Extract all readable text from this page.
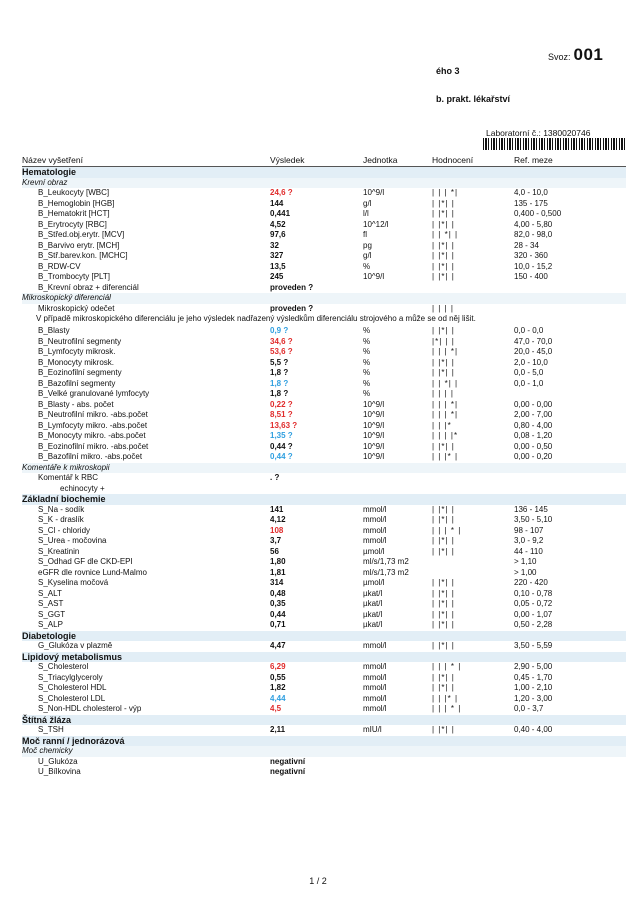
Svoz: 001
ého 3
b. prakt. lékařství
Laboratorní č.: 1380020746
Název vyšetření	Výsledek	Jednotka	Hodnocení	Ref. meze
Hematologie
Krevní obraz
B_Leukocyty [WBC]	24,6 ?	10^9/l	| | | *|	4,0 - 10,0
B_Hemoglobin [HGB]	144	g/l	| |*| |	135 - 175
B_Hematokrit [HCT]	0,441	l/l	| |*| |	0,400 - 0,500
B_Erytrocyty [RBC]	4,52	10^12/l	| |*| |	4,00 - 5,80
B_Střed.obj.erytr. [MCV]	97,6	fl	| | *| |	82,0 - 98,0
B_Barvivo erytr. [MCH]	32	pg	| |*| |	28 - 34
B_Stř.barev.kon. [MCHC]	327	g/l	| |*| |	320 - 360
B_RDW-CV	13,5	%	| |*| |	10,0 - 15,2
B_Trombocyty [PLT]	245	10^9/l	| |*| |	150 - 400
B_Krevní obraz + diferenciál	proveden ?
Mikroskopický diferenciál
Mikroskopický odečet	proveden ?	| | | |
V případě mikroskopického diferenciálu je jeho výsledek nadřazený výsledkům diferenciálu strojového a může se od něj lišit.
B_Blasty	0,9 ?	%	| |*| |	0,0 - 0,0
B_Neutrofilní segmenty	34,6 ?	%	|*| | |	47,0 - 70,0
B_Lymfocyty mikrosk.	53,6 ?	%	| | | *|	20,0 - 45,0
B_Monocyty mikrosk.	5,5 ?	%	| |*| |	2,0 - 10,0
B_Eozinofilní segmenty	1,8 ?	%	| |*| |	0,0 - 5,0
B_Bazofilní segmenty	1,8 ?	%	| | *| |	0,0 - 1,0
B_Velké granulované lymfocyty	1,8 ?	%	| | | |
B_Blasty - abs. počet	0,22 ?	10^9/l	| | | *|	0,00 - 0,00
B_Neutrofilní mikro. -abs.počet	8,51 ?	10^9/l	| | | *|	2,00 - 7,00
B_Lymfocyty mikro. -abs.počet	13,63 ?	10^9/l	| | |*	0,80 - 4,00
B_Monocyty mikro. -abs.počet	1,35 ?	10^9/l	| | | |*	0,08 - 1,20
B_Eozinofilní mikro. -abs.počet	0,44 ?	10^9/l	| |*| |	0,00 - 0,50
B_Bazofilní mikro. -abs.počet	0,44 ?	10^9/l	| | |* |	0,00 - 0,20
Komentáře k mikroskopii
Komentář k RBC	. ?
echinocyty +
Základní biochemie
S_Na - sodík	141	mmol/l	| |*| |	136 - 145
S_K - draslík	4,12	mmol/l	| |*| |	3,50 - 5,10
S_Cl - chloridy	108	mmol/l	| | | * |	98 - 107
S_Urea - močovina	3,7	mmol/l	| |*| |	3,0 - 9,2
S_Kreatinin	56	µmol/l	| |*| |	44 - 110
S_Odhad GF dle CKD-EPI	1,80	ml/s/1,73 m2	> 1,10
eGFR dle rovnice Lund-Malmo	1,81	ml/s/1,73 m2	> 1,00
S_Kyselina močová	314	µmol/l	| |*| |	220 - 420
S_ALT	0,48	µkat/l	| |*| |	0,10 - 0,78
S_AST	0,35	µkat/l	| |*| |	0,05 - 0,72
S_GGT	0,44	µkat/l	| |*| |	0,00 - 1,07
S_ALP	0,71	µkat/l	| |*| |	0,50 - 2,28
Diabetologie
G_Glukóza v plazmě	4,47	mmol/l	| |*| |	3,50 - 5,59
Lipidový metabolismus
S_Cholesterol	6,29	mmol/l	| | | * |	2,90 - 5,00
S_Triacylglyceroly	0,55	mmol/l	| |*| |	0,45 - 1,70
S_Cholesterol HDL	1,82	mmol/l	| |*| |	1,00 - 2,10
S_Cholesterol LDL	4,44	mmol/l	| | |* |	1,20 - 3,00
S_Non-HDL cholesterol - výp	4,5	mmol/l	| | | * |	0,0 - 3,7
Štítná žláza
S_TSH	2,11	mIU/l	| |*| |	0,40 - 4,00
Moč ranní / jednorázová
Moč chemicky
U_Glukóza	negativní
U_Bílkovina	negativní
1 / 2
